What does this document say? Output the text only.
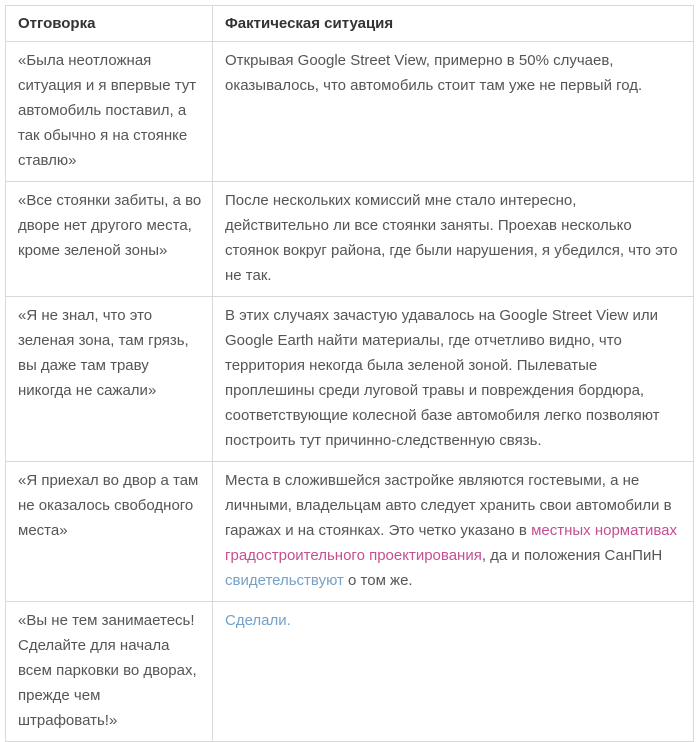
Отговорка	Фактическая ситуация
«Была неотложная ситуация и я впервые тут автомобиль поставил, а так обычно я на стоянке ставлю»	Открывая Google Street View, примерно в 50% случаев, оказывалось, что автомобиль стоит там уже не первый год.
«Все стоянки забиты, а во дворе нет другого места, кроме зеленой зоны»	После нескольких комиссий мне стало интересно, действительно ли все стоянки заняты. Проехав несколько стоянок вокруг района, где были нарушения, я убедился, что это не так.
«Я не знал, что это зеленая зона, там грязь, вы даже там траву никогда не сажали»	В этих случаях зачастую удавалось на Google Street View или Google Earth найти материалы, где отчетливо видно, что территория некогда была зеленой зоной. Пылеватые проплешины среди луговой травы и повреждения бордюра, соответствующие колесной базе автомобиля легко позволяют построить тут причинно-следственную связь.
«Я приехал во двор а там не оказалось свободного места»	Места в сложившейся застройке являются гостевыми, а не личными, владельцам авто следует хранить свои автомобили в гаражах и на стоянках. Это четко указано в местных нормативах градостроительного проектирования, да и положения СанПиН свидетельствуют о том же.
«Вы не тем занимаетесь! Сделайте для начала всем парковки во дворах, прежде чем штрафовать!»	Сделали.
